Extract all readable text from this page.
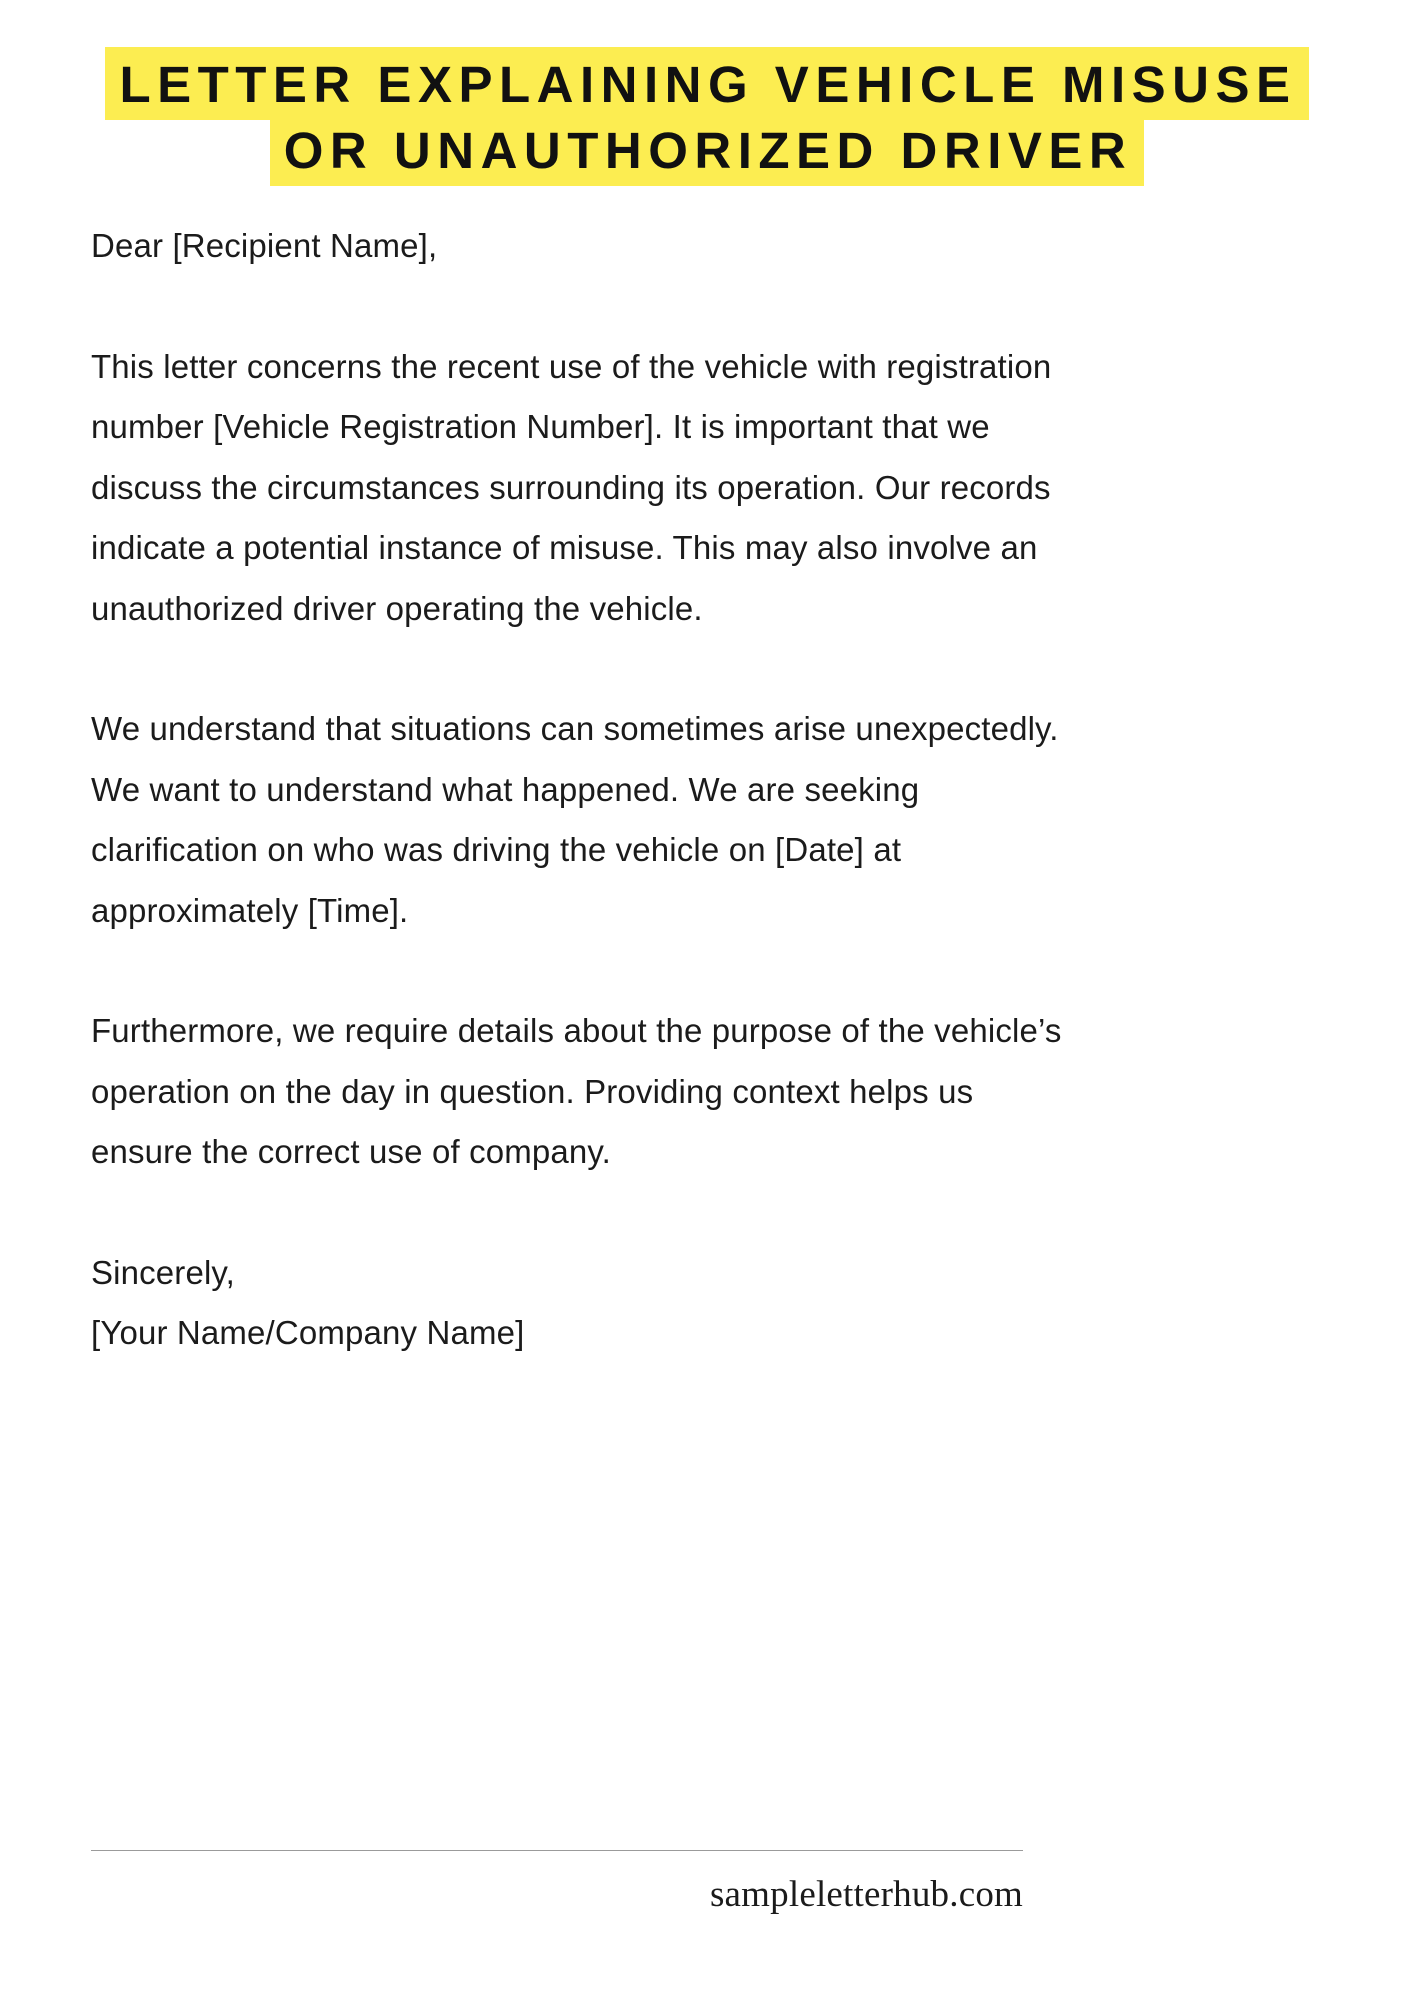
LETTER EXPLAINING VEHICLE MISUSE
OR UNAUTHORIZED DRIVER

Dear [Recipient Name],

This letter concerns the recent use of the vehicle with registration number [Vehicle Registration Number]. It is important that we discuss the circumstances surrounding its operation. Our records indicate a potential instance of misuse. This may also involve an unauthorized driver operating the vehicle.

We understand that situations can sometimes arise unexpectedly. We want to understand what happened. We are seeking clarification on who was driving the vehicle on [Date] at approximately [Time].

Furthermore, we require details about the purpose of the vehicle’s operation on the day in question. Providing context helps us ensure the correct use of company.

Sincerely,
[Your Name/Company Name]

sampleletterhub.com
